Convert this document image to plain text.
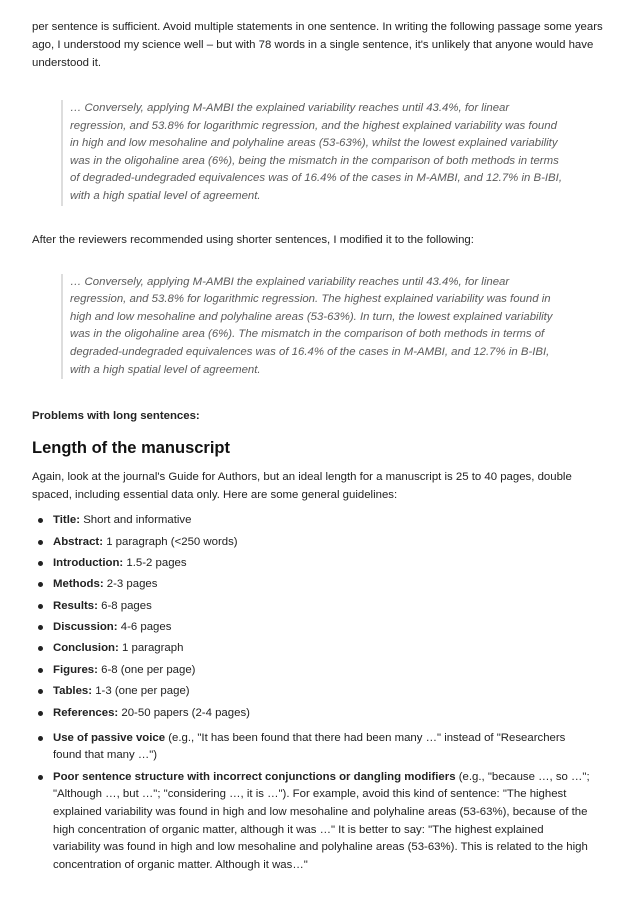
per sentence is sufficient. Avoid multiple statements in one sentence. In writing the following passage some years ago, I understood my science well – but with 78 words in a single sentence, it's unlikely that anyone would have understood it.

… Conversely, applying M-AMBI the explained variability reaches until 43.4%, for linear regression, and 53.8% for logarithmic regression, and the highest explained variability was found in high and low mesohaline and polyhaline areas (53-63%), whilst the lowest explained variability was in the oligohaline area (6%), being the mismatch in the comparison of both methods in terms of degraded-undegraded equivalences was of 16.4% of the cases in M-AMBI, and 12.7% in B-IBI, with a high spatial level of agreement.

After the reviewers recommended using shorter sentences, I modified it to the following:

… Conversely, applying M-AMBI the explained variability reaches until 43.4%, for linear regression, and 53.8% for logarithmic regression. The highest explained variability was found in high and low mesohaline and polyhaline areas (53-63%). In turn, the lowest explained variability was in the oligohaline area (6%). The mismatch in the comparison of both methods in terms of degraded-undegraded equivalences was of 16.4% of the cases in M-AMBI, and 12.7% in B-IBI, with a high spatial level of agreement.
Problems with long sentences:
Length of the manuscript

Again, look at the journal's Guide for Authors, but an ideal length for a manuscript is 25 to 40 pages, double spaced, including essential data only. Here are some general guidelines:

Title: Short and informative
Abstract: 1 paragraph (<250 words)
Introduction: 1.5-2 pages
Methods: 2-3 pages
Results: 6-8 pages
Discussion: 4-6 pages
Conclusion: 1 paragraph
Figures: 6-8 (one per page)
Tables: 1-3 (one per page)
References: 20-50 papers (2-4 pages)
Use of passive voice (e.g., "It has been found that there had been many …" instead of "Researchers found that many …")
Poor sentence structure with incorrect conjunctions or dangling modifiers (e.g., "because …, so …"; "Although …, but …"; "considering …, it is …"). For example, avoid this kind of sentence: "The highest explained variability was found in high and low mesohaline and polyhaline areas (53-63%), because of the high concentration of organic matter, although it was …" It is better to say: "The highest explained variability was found in high and low mesohaline and polyhaline areas (53-63%). This is related to the high concentration of organic matter. Although it was…"
